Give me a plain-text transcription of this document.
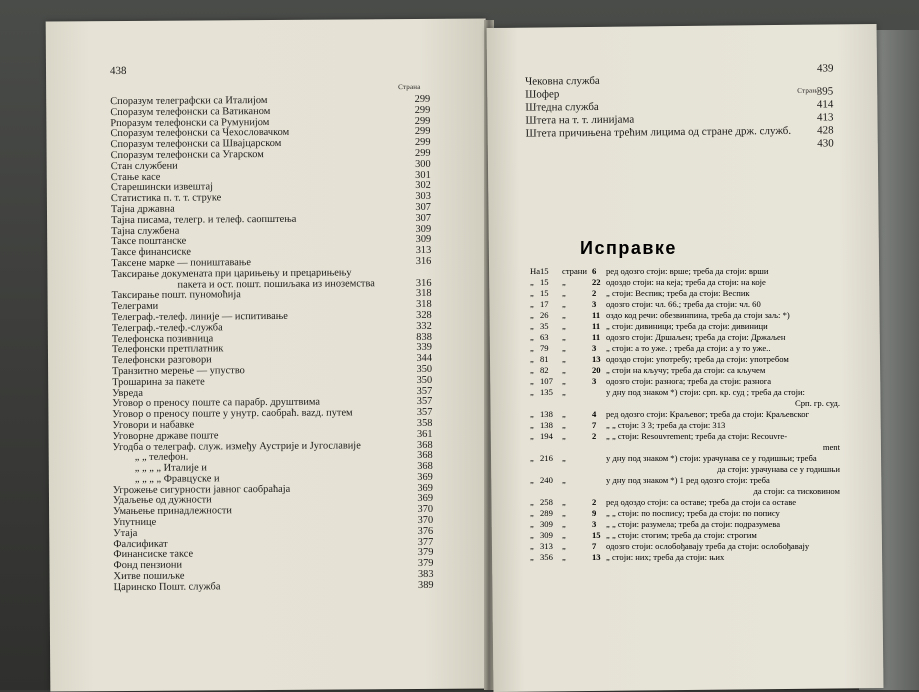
438
Страна
Споразум телеграфски са Италијом	299
Споразум телефонски са Ватиканом	299
Рпоразум телефонски са Румунијом	299
Споразум телефонски са Чехословачком	299
Споразум телефонски са Швајцарском	299
Споразум телефонски са Угарском	299
Стан службени	300
Стање касе	301
Старешински извештај	302
Статистика п. т. т. струке	303
Тајна државна	307
Тајна писама, телегр. и телеф. саопштења	307
Тајна службена	309
Таксе поштанске	309
Таксе финансиске	313
Таксене марке — поништавање	316
Таксирање докумената при царињењу и прецарињењу
пакета и ост. пошт. пошиљака из иноземства	316
Таксирање пошт. пуномоћија	318
Телеграми	318
Телеграф.-телеф. линије — испитивање	328
Телеграф.-телеф.-служба	332
Телефонска позивница	838
Телефонски претплатник	339
Телефонски разговори	344
Транзитно мерење — упуство	350
Трошарина за пакете	350
Увреда	357
Уговор о преносу поште са парабр. друштвима	357
Уговор о преносу поште у унутр. саобраћ. ваzд. путем	357
Уговори и набавке	358
Уговорне државе поште	361
Угодба о телеграф. служ. између Аустрије и Југославије	368
„ „ телефон.	368
„ „ „ „ Италије и	368
„ „ „ „ Фравцуске и	369
Угрожење сигурности јавног саобраћаја	369
Удаљење од дужности	369
Умањење принадлежности	370
Упутнице	370
Утаја	376
Фалсификат	377
Финансиске таксе	379
Фонд пензиони	379
Хитве пошиљке	383
Царинско Пошт. служба	389
439
Страна
Чековна служба
Шофер	395
Штедна служба	414
Штета на т. т. линијама	413
Штета причињена трећим лицима од стране држ. служб. 428
430
Исправке
На 15 страни 6 ред одозго стоји: врше; треба да стоји: врши
„ 15 „	22 одоздо стоји: на кеја; треба да стоји: на које
„ 15 „	2 „ стоји: Веспик; треба да стоји: Веспик
„ 17 „	3 одозго стоји: чл. 66.; треба да стоји: чл. 60
„ 26 „	11 оздо код речи: обезвинпина, треба да стоји заљ: *)
„ 35 „	11 „ стоји: дивиници; треба да стоји: дивиници
„ 63 „	11 одозго стоји: Дршаљен; треба да стоји: Држаљен
„ 79 „	3 „ стоји: а то уже. ; треба да стоји: а у то уже..
„ 81 „	13 одоздо стоји: употребу; треба да стоји: употребом
„ 82 „	20 „ стоји на кључу; треба да стоји: са кључем
„ 107 „	3 одозго стоји: разнога; треба да стоји: разнога
„ 135 „	у дну под знаком *) стоји: срп. кр. суд ; треба да стоји:
Срп. гр. суд.
„ 138 „	4 ред одозго стоји: Краљевог; треба да стоји: Краљевског
„ 138 „	7 „ „ стоји: 3 3; треба да стоји: 313
„ 194 „	2 „ „ стоји: Resouvrement; треба да стоји: Recouvre-
ment
„ 216 „	у дну под знаком *) стоји: урачунава се у годишњи; треба
да стоји: урачунава се у годишњи
„ 240 „	у дну под знаком *) 1 ред одозго стоји: треба
да стоји: са тисковином
„ 258 „	2 ред одоздо стоји: са оставе; треба да стоји са оставе
„ 289 „	9 „ „ стоји: по поспису; треба да стоји: по попису
„ 309 „	3 „ „ стоји: разумела; треба да стоји: подразумева
„ 309 „	15 „ „ стоји: стогим; треба да стоји: строгим
„ 313 „	7 одозго стоји: ослобођавају треба да стоји: ослобођавају
„ 356 „	13 „ стоји: них; треба да стоји: њих
